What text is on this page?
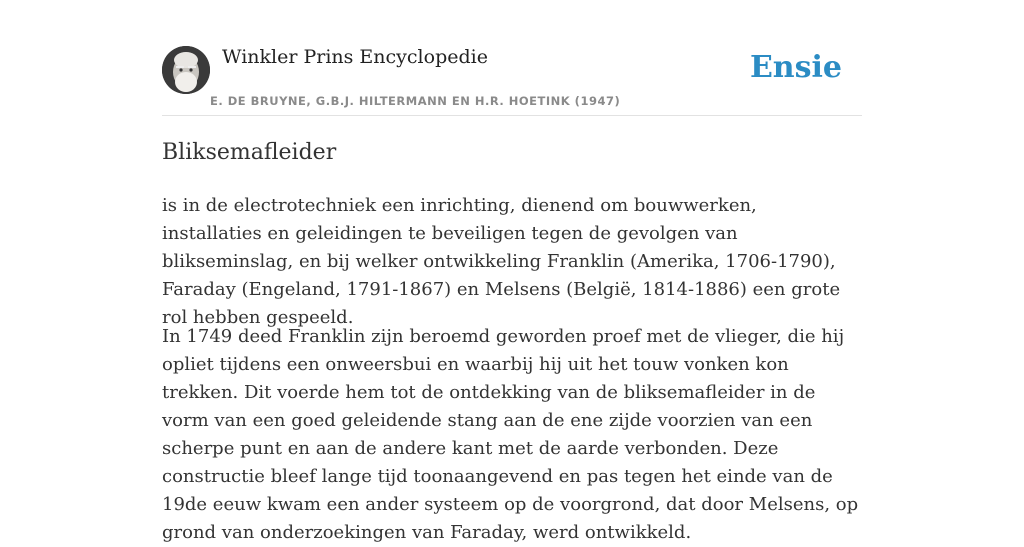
Winkler Prins Encyclopedie
E. DE BRUYNE, G.B.J. HILTERMANN EN H.R. HOETINK (1947)
Ensie
Bliksemafleider

is in de electrotechniek een inrichting, dienend om bouwwerken, installaties en geleidingen te beveiligen tegen de gevolgen van blikseminslag, en bij welker ontwikkeling Franklin (Amerika, 1706-1790), Faraday (Engeland, 1791-1867) en Melsens (België, 1814-1886) een grote rol hebben gespeeld.

In 1749 deed Franklin zijn beroemd geworden proef met de vlieger, die hij opliet tijdens een onweersbui en waarbij hij uit het touw vonken kon trekken. Dit voerde hem tot de ontdekking van de bliksemafleider in de vorm van een goed geleidende stang aan de ene zijde voorzien van een scherpe punt en aan de andere kant met de aarde verbonden. Deze constructie bleef lange tijd toonaangevend en pas tegen het einde van de 19de eeuw kwam een ander systeem op de voorgrond, dat door Melsens, op grond van onderzoekingen van Faraday, werd ontwikkeld.
